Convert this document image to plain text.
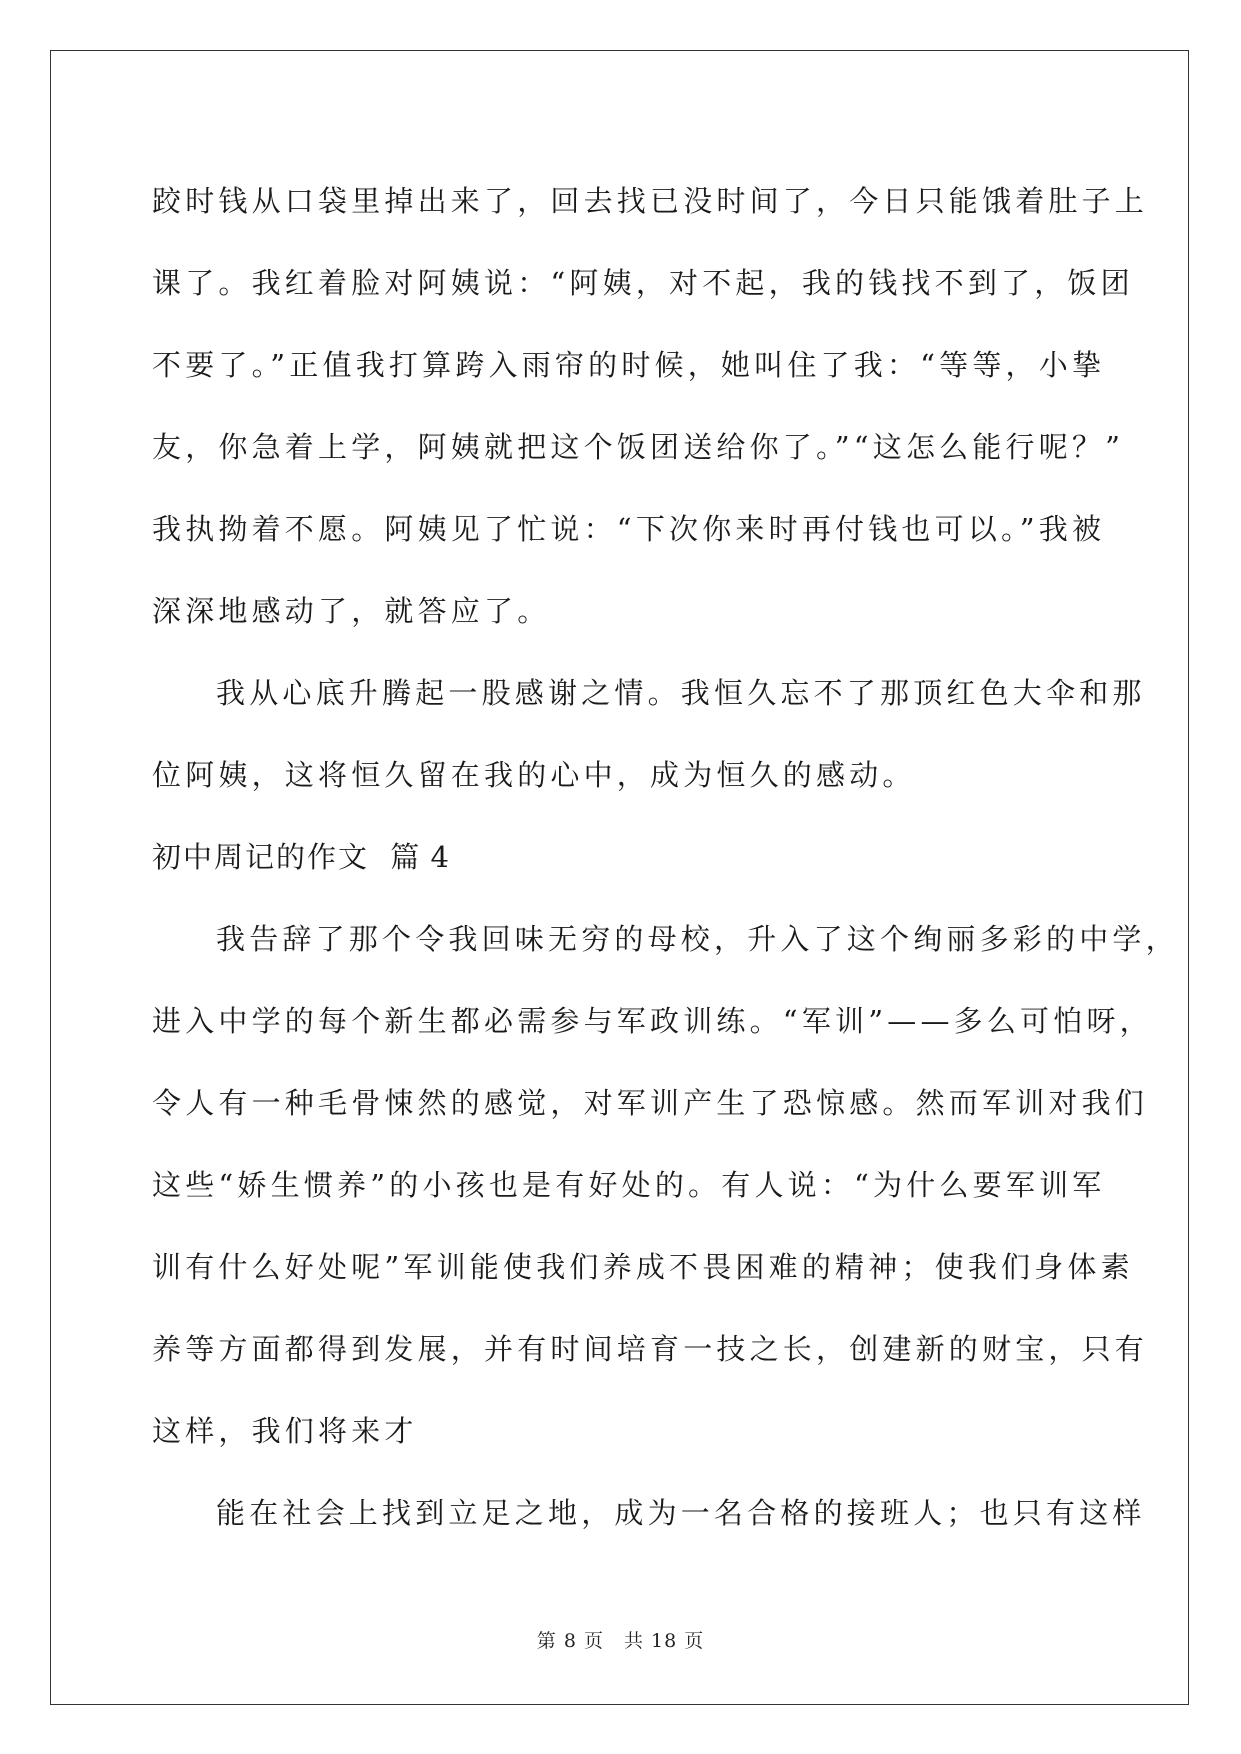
跤时钱从口袋里掉出来了，回去找已没时间了，今日只能饿着肚子上
课了。我红着脸对阿姨说：“阿姨，对不起，我的钱找不到了，饭团
不要了。”正值我打算跨入雨帘的时候，她叫住了我：“等等，小挚
友，你急着上学，阿姨就把这个饭团送给你了。”“这怎么能行呢？”
我执拗着不愿。阿姨见了忙说：“下次你来时再付钱也可以。”我被
深深地感动了，就答应了。
我从心底升腾起一股感谢之情。我恒久忘不了那顶红色大伞和那
位阿姨，这将恒久留在我的心中，成为恒久的感动。
初中周记的作文 篇 4
我告辞了那个令我回味无穷的母校，升入了这个绚丽多彩的中学，
进入中学的每个新生都必需参与军政训练。“军训”——多么可怕呀，
令人有一种毛骨悚然的感觉，对军训产生了恐惊感。然而军训对我们
这些“娇生惯养”的小孩也是有好处的。有人说：“为什么要军训军
训有什么好处呢”军训能使我们养成不畏困难的精神；使我们身体素
养等方面都得到发展，并有时间培育一技之长，创建新的财宝，只有
这样，我们将来才
能在社会上找到立足之地，成为一名合格的接班人；也只有这样
第 8 页 共 18 页
